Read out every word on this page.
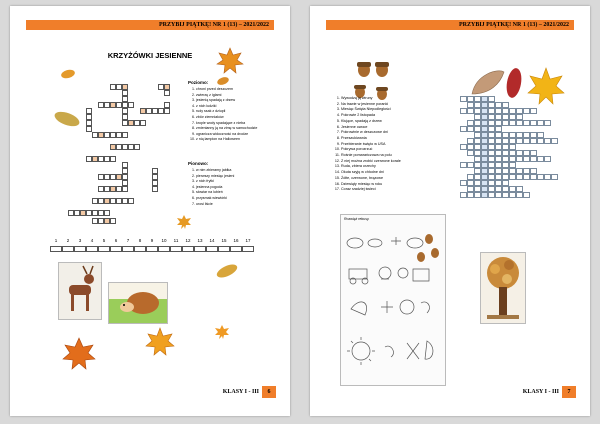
PRZYBIJ PIĄTKĘ! NR 1 (13) – 2021/2022
KRZYŻÓWKI JESIENNE
Poziomo:
1. chroni przed deszczem
2. zwierzę z igłami
3. jesienią spadają z drzew
4. z nich ludziki
5. rudy ssak z dziupli
6. zbiór ziemniaków
7. krople wody spadające z nieba
8. zmienianny ją na zimę w samochodzie
9. ogranicza widoczność na drodze
10. z nią lampion na Halloween
Pionowo:
1. w nim zbieramy jabłka
2. pierwszy miesiąc jesieni
3. z nich frytki
4. jesienna pogoda
5. słowiar na lubień
6. przysmak wiewiórki
7. urosi liście
1	2	3	4	5	6	7	8	9	10	11	12	13	14	15	16	17
KLASY I - III	6
PRZYBIJ PIĄTKĘ! NR 1 (13) – 2021/2022
1. Wywodzą ją wiruny
2. Na trawie w jesienne poranki
3. Miesiąc Święta Niepodległości
4. Pokrowie 2 listopada
5. Klujące, spadają z drzew
6. Jesienne owoce
7. Pokrowinie w deszczowe dni
8. Przeszukiwania
9. Przebieranie święto w USA
10. Pokrywa porozrzuć
11. Rośnie pomarańczowa na polu
12. Z niej można zrobić czerwone korale
13. Ruda, zbiera orzechy
14. Okuta szyję w chłodne dni
15. Żółte, czerwone, brązowe
16. Dziewiąty miesiąc w roku
17. Coraz rzadziej świeci
Rozwiąż rebusy.
KLASY I - III	7
